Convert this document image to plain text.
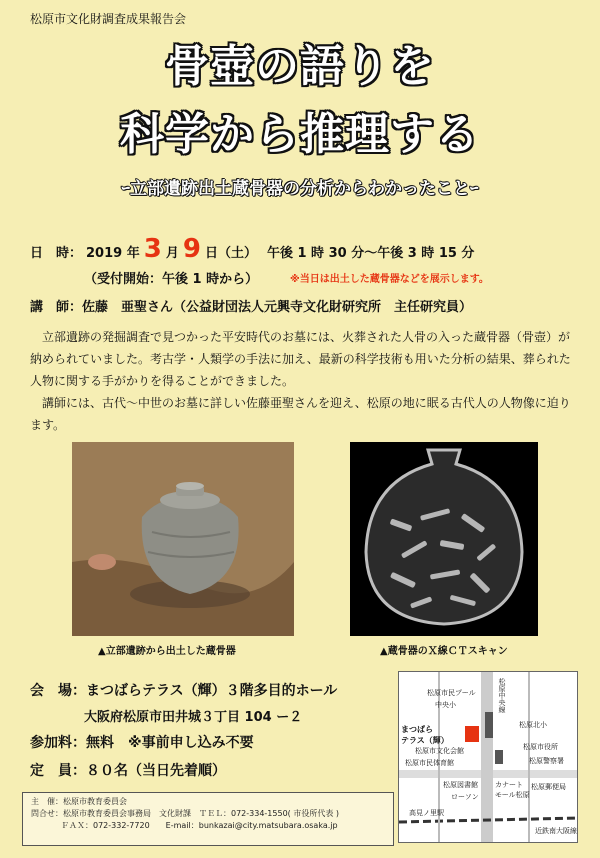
松原市文化財調査成果報告会
骨壺の語りを
科学から推理する
ｰ立部遺跡出土蔵骨器の分析からわかったことｰ
日　時： 2019 年 3 月 9 日（土） 午後 1 時 30 分～午後 3 時 15 分
（受付開始：午後 1 時から）	※当日は出土した蔵骨器などを展示します。
講　師：佐藤　亜聖さん（公益財団法人元興寺文化財研究所　主任研究員）
立部遺跡の発掘調査で見つかった平安時代のお墓には、火葬された人骨の入った蔵骨器（骨壺）が納められていました。考古学・人類学の手法に加え、最新の科学技術も用いた分析の結果、葬られた人物に関する手がかりを得ることができました。
講師には、古代～中世のお墓に詳しい佐藤亜聖さんを迎え、松原の地に眠る古代人の人物像に迫ります。
▲立部遺跡から出土した蔵骨器	▲蔵骨器のＸ線ＣＴスキャン
会　場：まつばらテラス（輝）３階多目的ホール
大阪府松原市田井城３丁目 104 ー２
参加料：無料　※事前申し込み不要
定　員：８０名（当日先着順）
主　催：松原市教育委員会
問合せ：松原市教育委員会事務局　文化財課　ＴＥＬ：072-334-1550( 市役所代表 )
ＦＡＸ：072-332-7720　　E-mail：bunkazai@city.matsubara.osaka.jp
松原市民プール
中央小	松原中央線
松原北小
松原市役所
松原警察署
まつばら
テラス（輝）
松原市文化会館
松原市民体育館
松原図書館
ローソン
カナート
モール松原
松原郵便局
高見ノ里駅
近鉄南大阪線
